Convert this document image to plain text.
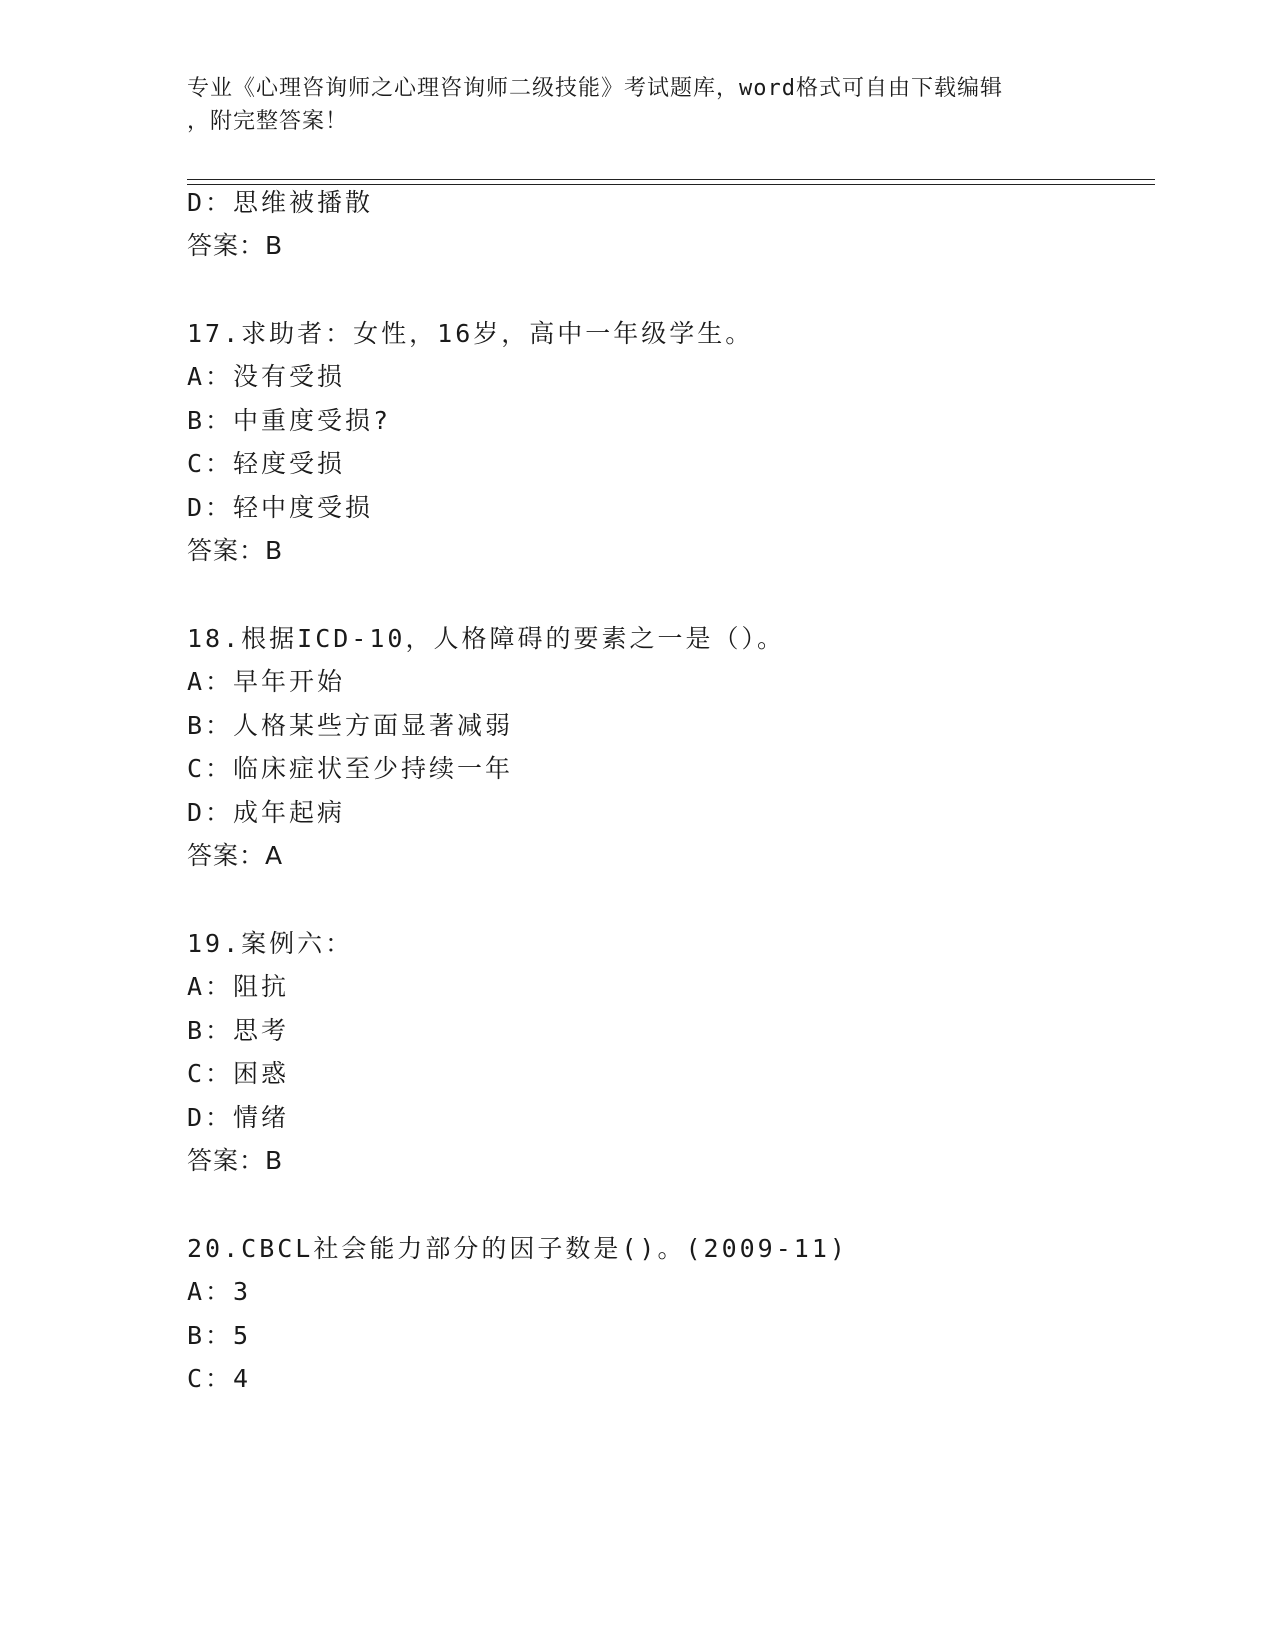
专业《心理咨询师之心理咨询师二级技能》考试题库，word格式可自由下载编辑
，附完整答案！
D：思维被播散
答案：B
17.求助者：女性，16岁，高中一年级学生。
A：没有受损
B：中重度受损?
C：轻度受损
D：轻中度受损
答案：B
18.根据ICD-10，人格障碍的要素之一是（）。
A：早年开始
B：人格某些方面显著减弱
C：临床症状至少持续一年
D：成年起病
答案：A
19.案例六：
A：阻抗
B：思考
C：困惑
D：情绪
答案：B
20.CBCL社会能力部分的因子数是()。(2009-11)
A：3
B：5
C：4
